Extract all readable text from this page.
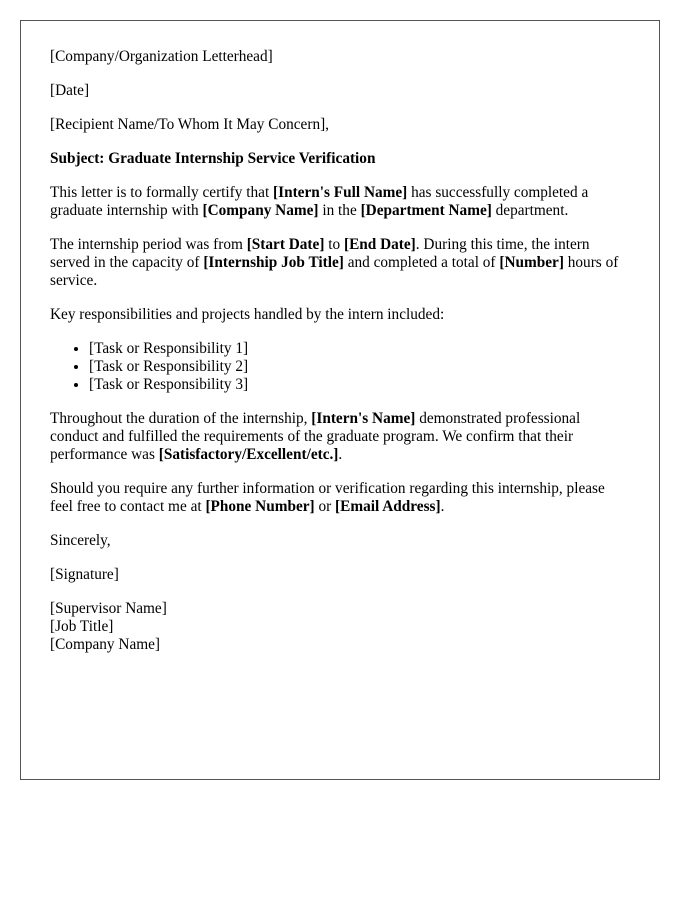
[Company/Organization Letterhead]

[Date]

[Recipient Name/To Whom It May Concern],

Subject: Graduate Internship Service Verification

This letter is to formally certify that [Intern's Full Name] has successfully completed a graduate internship with [Company Name] in the [Department Name] department.

The internship period was from [Start Date] to [End Date]. During this time, the intern served in the capacity of [Internship Job Title] and completed a total of [Number] hours of service.

Key responsibilities and projects handled by the intern included:

• [Task or Responsibility 1]
• [Task or Responsibility 2]
• [Task or Responsibility 3]

Throughout the duration of the internship, [Intern's Name] demonstrated professional conduct and fulfilled the requirements of the graduate program. We confirm that their performance was [Satisfactory/Excellent/etc.].

Should you require any further information or verification regarding this internship, please feel free to contact me at [Phone Number] or [Email Address].

Sincerely,

[Signature]

[Supervisor Name]

[Job Title]

[Company Name]
